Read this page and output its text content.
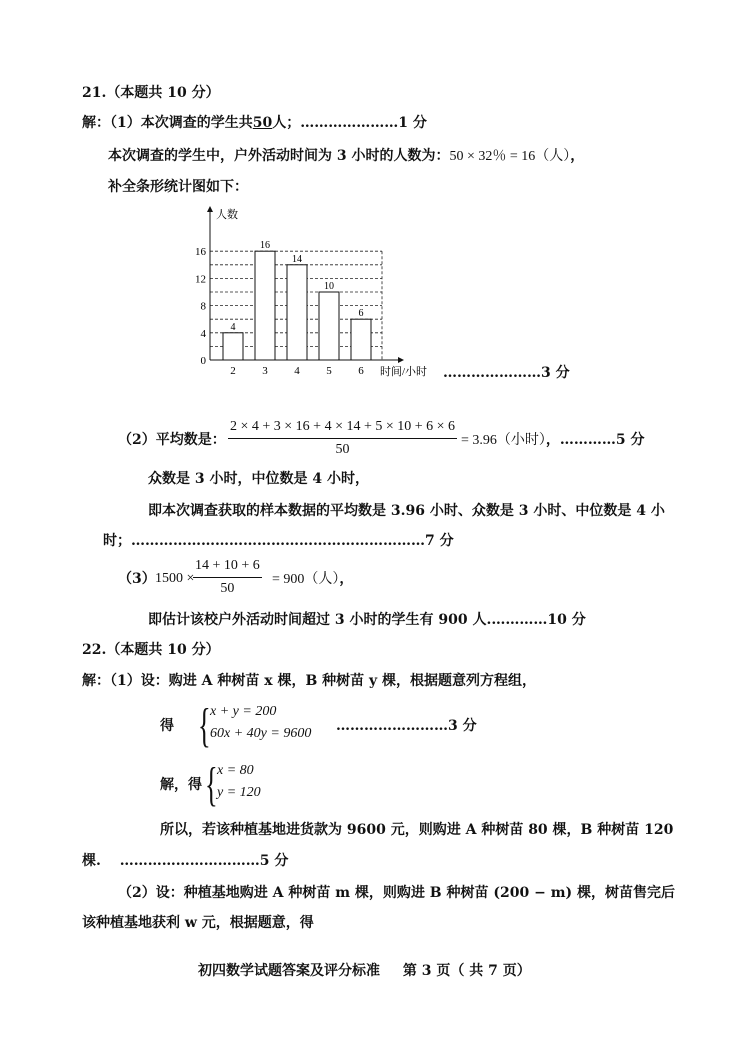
21.（本题共 10 分）
解：（1）本次调查的学生共50人；…………………1 分
本次调查的学生中，户外活动时间为 3 小时的人数为：50 × 32％ = 16（人），
补全条形统计图如下：
人数
时间/小时
0
4
8
12
16
4
2
16
3
14
4
10
5
6
6	…………………3 分
（2）平均数是： $\frac{2 \times 4 + 3 \times 16 + 4 \times 14 + 5 \times 10 + 6 \times 6}{50} = 3.96$（小时），…………5 分
众数是 3 小时，中位数是 4 小时，
即本次调查获取的样本数据的平均数是 3.96 小时、众数是 3 小时、中位数是 4 小
时；………………………………………………………7 分
（3） 1500 ×
$\frac{14 + 10 + 6}{50} = 900$（人），
即估计该校户外活动时间超过 3 小时的学生有 900 人.…………10 分
22.（本题共 10 分）
解：（1）设：购进 A 种树苗 x 棵，B 种树苗 y 棵，根据题意列方程组，
得 { x + y = 200
60x + 40y = 9600 ……………………3 分
解，得 { x = 80
y = 120
所以，若该种植基地进货款为 9600 元，则购进 A 种树苗 80 棵，B 种树苗 120
棵. …………………………5 分
（2）设：种植基地购进 A 种树苗 m 棵，则购进 B 种树苗 (200 − m) 棵，树苗售完后
该种植基地获利 w 元，根据题意，得
初四数学试题答案及评分标准 第 3 页（ 共 7 页）
